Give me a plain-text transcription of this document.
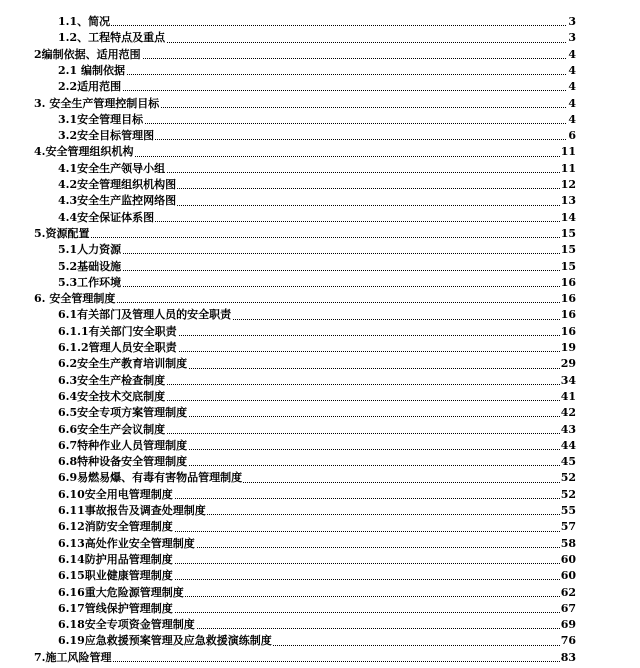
1.1、简况	3
1.2、工程特点及重点	3
2编制依据、适用范围	4
2.1 编制依据	4
2.2适用范围	4
3. 安全生产管理控制目标	4
3.1安全管理目标	4
3.2安全目标管理图	6
4.安全管理组织机构	11
4.1安全生产领导小组	11
4.2安全管理组织机构图	12
4.3安全生产监控网络图	13
4.4安全保证体系图	14
5.资源配置	15
5.1人力资源	15
5.2基础设施	15
5.3工作环境	16
6. 安全管理制度	16
6.1有关部门及管理人员的安全职责	16
6.1.1有关部门安全职责	16
6.1.2管理人员安全职责	19
6.2安全生产教育培训制度	29
6.3安全生产检查制度	34
6.4安全技术交底制度	41
6.5安全专项方案管理制度	42
6.6安全生产会议制度	43
6.7特种作业人员管理制度	44
6.8特种设备安全管理制度	45
6.9易燃易爆、有毒有害物品管理制度	52
6.10安全用电管理制度	52
6.11事故报告及调查处理制度	55
6.12消防安全管理制度	57
6.13高处作业安全管理制度	58
6.14防护用品管理制度	60
6.15职业健康管理制度	60
6.16重大危险源管理制度	62
6.17管线保护管理制度	67
6.18安全专项资金管理制度	69
6.19应急救援预案管理及应急救援演练制度	76
7.施工风险管理	83
